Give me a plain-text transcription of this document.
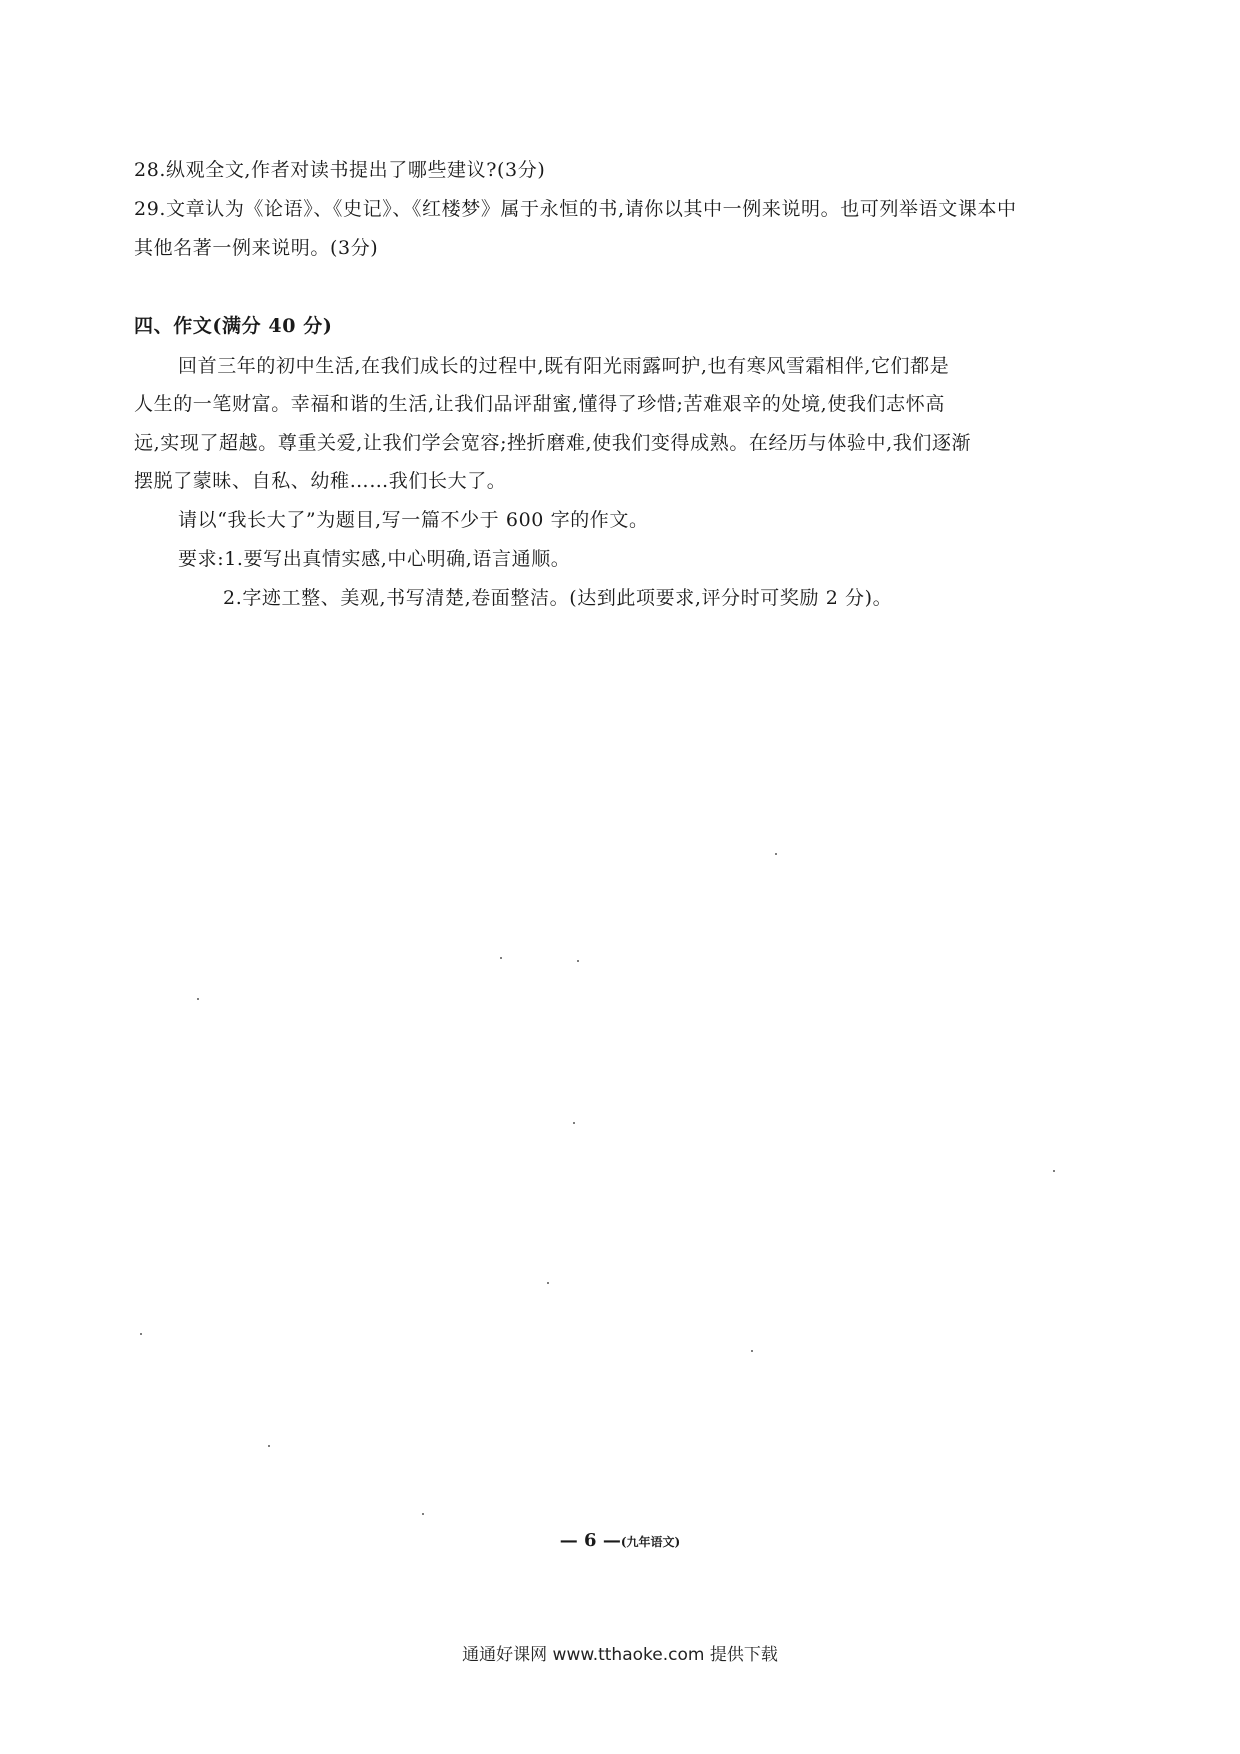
28.纵观全文,作者对读书提出了哪些建议?(3分)
29.文章认为《论语》、《史记》、《红楼梦》属于永恒的书,请你以其中一例来说明。也可列举语文课本中
其他名著一例来说明。(3分)
四、作文(满分 40 分)
回首三年的初中生活,在我们成长的过程中,既有阳光雨露呵护,也有寒风雪霜相伴,它们都是
人生的一笔财富。幸福和谐的生活,让我们品评甜蜜,懂得了珍惜;苦难艰辛的处境,使我们志怀高
远,实现了超越。尊重关爱,让我们学会宽容;挫折磨难,使我们变得成熟。在经历与体验中,我们逐渐
摆脱了蒙昧、自私、幼稚……我们长大了。
请以“我长大了”为题目,写一篇不少于 600 字的作文。
要求:1.要写出真情实感,中心明确,语言通顺。
2.字迹工整、美观,书写清楚,卷面整洁。(达到此项要求,评分时可奖励 2 分)。
— 6 —(九年语文)
通通好课网 www.tthaoke.com 提供下载
